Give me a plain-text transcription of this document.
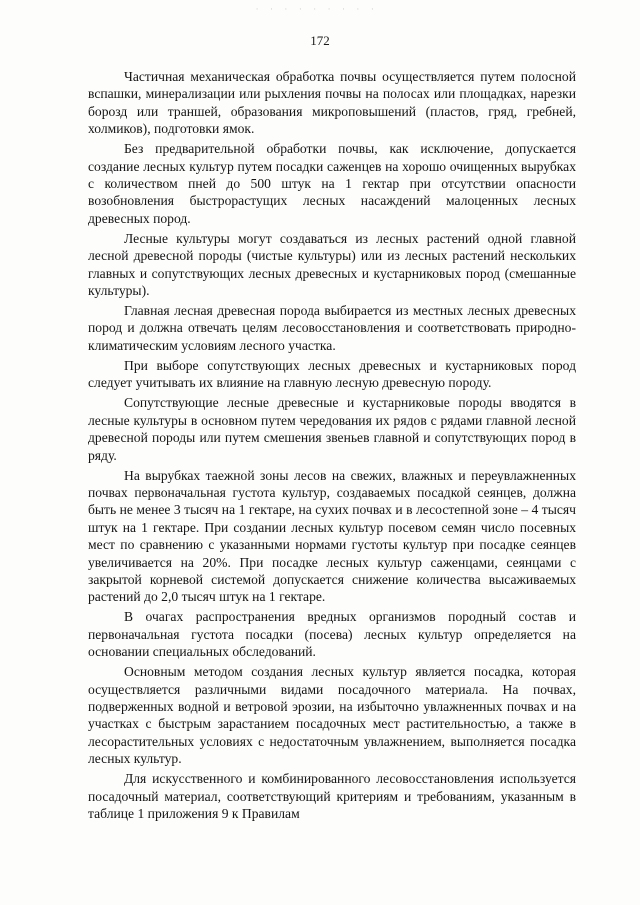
· · · · · · · · ·
172

Частичная механическая обработка почвы осуществляется путем полосной вспашки, минерализации или рыхления почвы на полосах или площадках, нарезки борозд или траншей, образования микроповышений (пластов, гряд, гребней, холмиков), подготовки ямок.

Без предварительной обработки почвы, как исключение, допускается создание лесных культур путем посадки саженцев на хорошо очищенных вырубках с количеством пней до 500 штук на 1 гектар при отсутствии опасности возобновления быстрорастущих лесных насаждений малоценных лесных древесных пород.

Лесные культуры могут создаваться из лесных растений одной главной лесной древесной породы (чистые культуры) или из лесных растений нескольких главных и сопутствующих лесных древесных и кустарниковых пород (смешанные культуры).

Главная лесная древесная порода выбирается из местных лесных древесных пород и должна отвечать целям лесовосстановления и соответствовать природно-климатическим условиям лесного участка.

При выборе сопутствующих лесных древесных и кустарниковых пород следует учитывать их влияние на главную лесную древесную породу.

Сопутствующие лесные древесные и кустарниковые породы вводятся в лесные культуры в основном путем чередования их рядов с рядами главной лесной древесной породы или путем смешения звеньев главной и сопутствующих пород в ряду.

На вырубках таежной зоны лесов на свежих, влажных и переувлажненных почвах первоначальная густота культур, создаваемых посадкой сеянцев, должна быть не менее 3 тысяч на 1 гектаре, на сухих почвах и в лесостепной зоне – 4 тысяч штук на 1 гектаре. При создании лесных культур посевом семян число посевных мест по сравнению с указанными нормами густоты культур при посадке сеянцев увеличивается на 20%. При посадке лесных культур саженцами, сеянцами с закрытой корневой системой допускается снижение количества высаживаемых растений до 2,0 тысяч штук на 1 гектаре.

В очагах распространения вредных организмов породный состав и первоначальная густота посадки (посева) лесных культур определяется на основании специальных обследований.

Основным методом создания лесных культур является посадка, которая осуществляется различными видами посадочного материала. На почвах, подверженных водной и ветровой эрозии, на избыточно увлажненных почвах и на участках с быстрым зарастанием посадочных мест растительностью, а также в лесорастительных условиях с недостаточным увлажнением, выполняется посадка лесных культур.

Для искусственного и комбинированного лесовосстановления используется посадочный материал, соответствующий критериям и требованиям, указанным в таблице 1 приложения 9 к Правилам
